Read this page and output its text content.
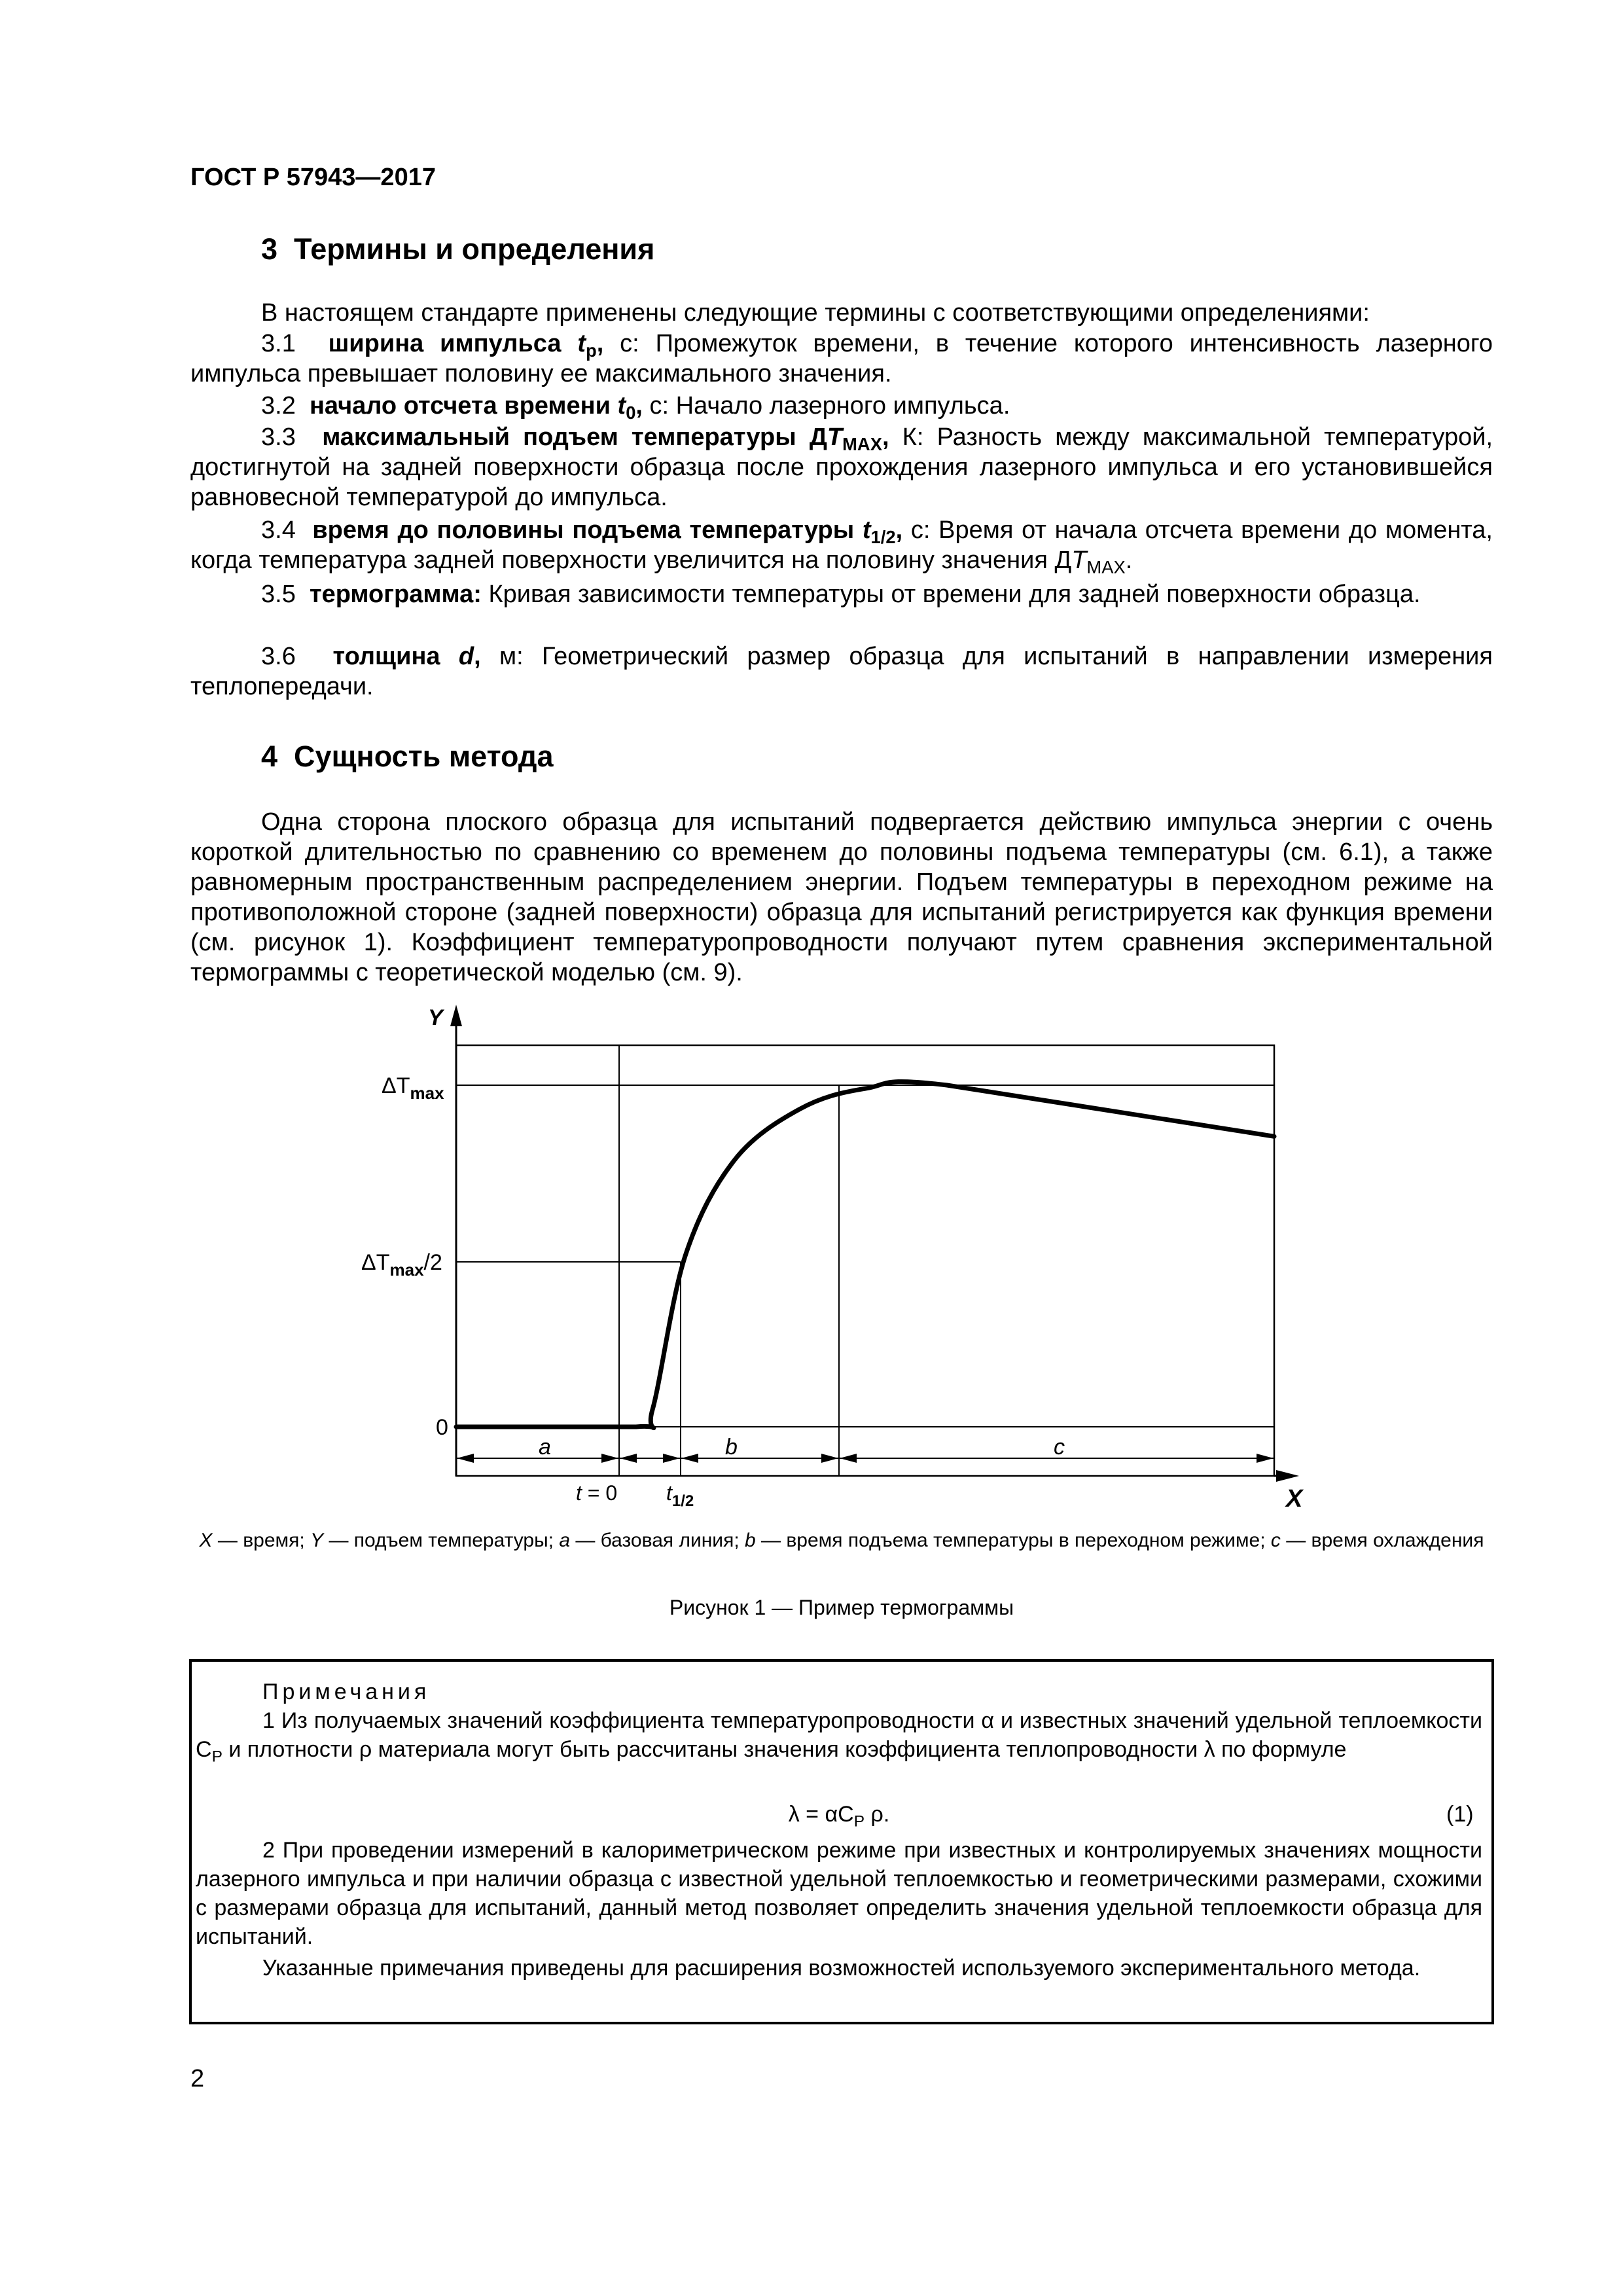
ГОСТ Р 57943—2017
3 Термины и определения
В настоящем стандарте применены следующие термины с соответствующими определениями:
3.1 ширина импульса $t_p$, с: Промежуток времени, в течение которого интенсивность лазерного импульса превышает половину ее максимального значения.
3.2 начало отсчета времени $t_0$, с: Начало лазерного импульса.
3.3 максимальный подъем температуры $ДT_{MAX}$, К: Разность между максимальной температурой, достигнутой на задней поверхности образца после прохождения лазерного импульса и его установившейся равновесной температурой до импульса.
3.4 время до половины подъема температуры $t_{1/2}$, с: Время от начала отсчета времени до момента, когда температура задней поверхности увеличится на половину значения $ДT_{MAX}$.
3.5 термограмма: Кривая зависимости температуры от времени для задней поверхности образца.
3.6 толщина d, м: Геометрический размер образца для испытаний в направлении измерения теплопередачи.
4 Сущность метода
Одна сторона плоского образца для испытаний подвергается действию импульса энергии с очень короткой длительностью по сравнению со временем до половины подъема температуры (см. 6.1), а также равномерным пространственным распределением энергии. Подъем температуры в переходном режиме на противоположной стороне (задней поверхности) образца для испытаний регистрируется как функция времени (см. рисунок 1). Коэффициент температуропроводности получают путем сравнения экспериментальной термограммы с теоретической моделью (см. 9).
Y
X
$\Delta T_{max}$
$\Delta T_{max}/2$
0
a	b	c
t = 0 $t_{1/2}$
X — время; Y — подъем температуры; a — базовая линия; b — время подъема температуры в переходном режиме; c — время охлаждения
Рисунок 1 — Пример термограммы
Примечания
1 Из получаемых значений коэффициента температуропроводности α и известных значений удельной теплоемкости $C_P$ и плотности ρ материала могут быть рассчитаны значения коэффициента теплопроводности λ по формуле
$\lambda = \alpha C_P$ ρ.	(1)
2 При проведении измерений в калориметрическом режиме при известных и контролируемых значениях мощности лазерного импульса и при наличии образца с известной удельной теплоемкостью и геометрическими размерами, схожими с размерами образца для испытаний, данный метод позволяет определить значения удельной теплоемкости образца для испытаний.
Указанные примечания приведены для расширения возможностей используемого экспериментального метода.
2
